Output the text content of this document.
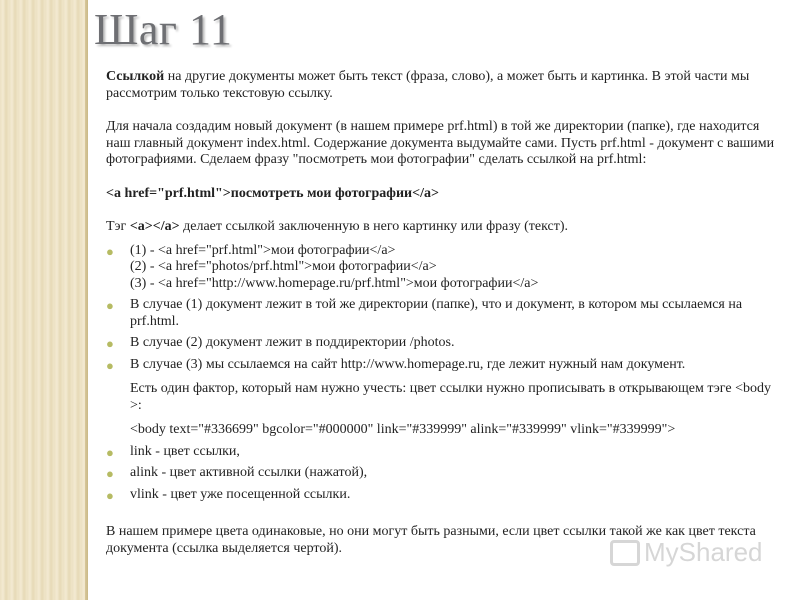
Шаг 11

Ссылкой на другие документы может быть текст (фраза, слово), а может быть и картинка. В этой части мы рассмотрим только текстовую ссылку.

Для начала создадим новый документ (в нашем примере prf.html) в той же директории (папке), где находится наш главный документ index.html. Содержание документа выдумайте сами. Пусть prf.html - документ с вашими фотографиями. Сделаем фразу "посмотреть мои фотографии" сделать ссылкой на prf.html:

<a href="prf.html">посмотреть мои фотографии</a>

Тэг <a></a> делает ссылкой заключенную в него картинку или фразу (текст).

● (1) - <a href="prf.html">мои фотографии</a>
(2) - <a href="photos/prf.html">мои фотографии</a>
(3) - <a href="http://www.homepage.ru/prf.html">мои фотографии</a>
● В случае (1) документ лежит в той же директории (папке), что и документ, в котором мы ссылаемся на prf.html.
● В случае (2) документ лежит в поддиректории /photos.
● В случае (3) мы ссылаемся на сайт http://www.homepage.ru, где лежит нужный нам документ.
Есть один фактор, который нам нужно учесть: цвет ссылки нужно прописывать в открывающем тэге <body >:
<body text="#336699" bgcolor="#000000" link="#339999" alink="#339999" vlink="#339999">
● link - цвет ссылки,
● alink - цвет активной ссылки (нажатой),
● vlink - цвет уже посещенной ссылки.

В нашем примере цвета одинаковые, но они могут быть разными, если цвет ссылки такой же как цвет текста документа (ссылка выделяется чертой).	MyShared
